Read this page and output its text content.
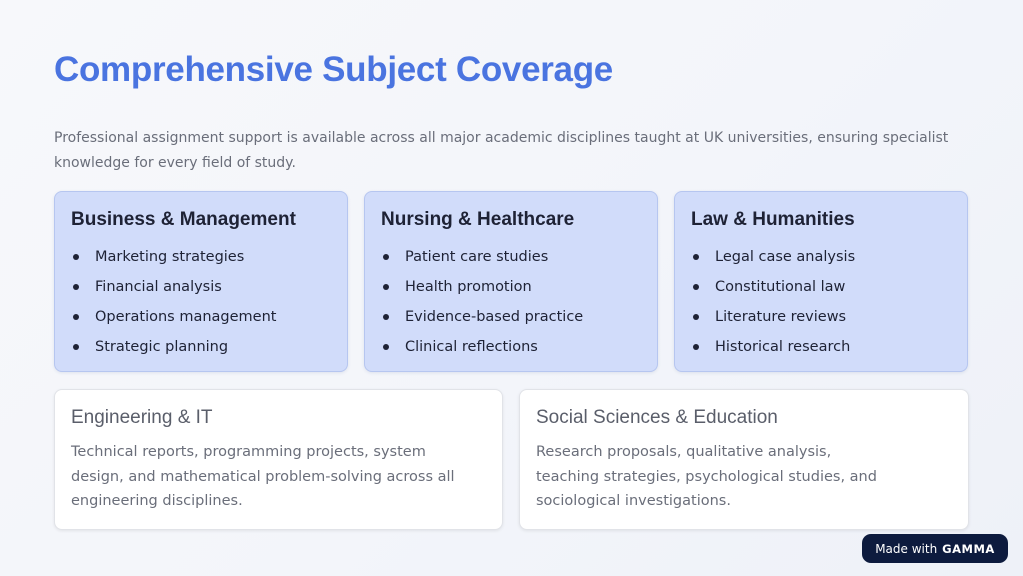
Comprehensive Subject Coverage

Professional assignment support is available across all major academic disciplines taught at UK universities, ensuring specialist knowledge for every field of study.

Business & Management
Marketing strategies
Financial analysis
Operations management
Strategic planning
Nursing & Healthcare
Patient care studies
Health promotion
Evidence-based practice
Clinical reflections
Law & Humanities
Legal case analysis
Constitutional law
Literature reviews
Historical research
Engineering & IT

Technical reports, programming projects, system design, and mathematical problem-solving across all engineering disciplines.

Social Sciences & Education

Research proposals, qualitative analysis, teaching strategies, psychological studies, and sociological investigations.

Made with GAMMA
